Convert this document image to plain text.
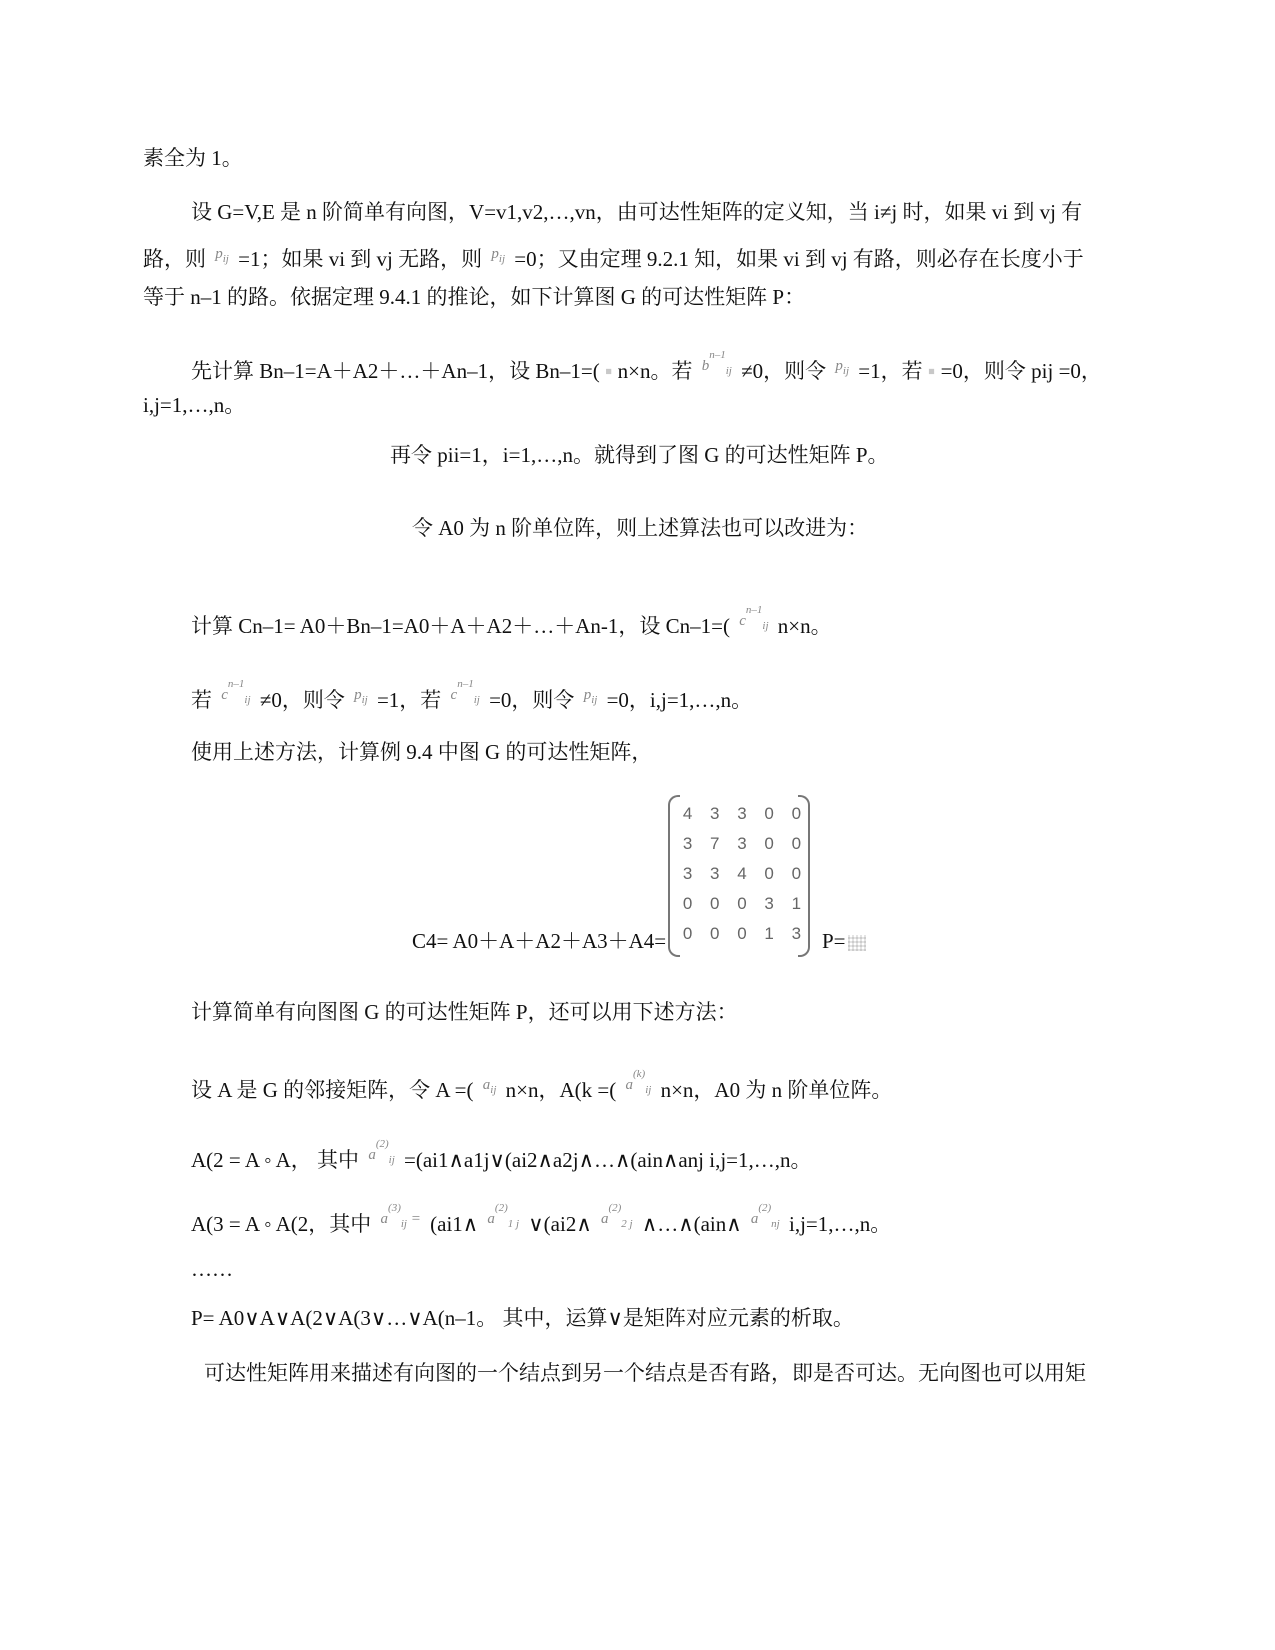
素全为 1。
设 G=V,E 是 n 阶简单有向图，V=v1,v2,…,vn，由可达性矩阵的定义知，当 i≠j 时，如果 vi 到 vj 有
路，则 $p_{ij} =1$；如果 vi 到 vj 无路，则 $p_{ij} =0$；又由定理 9.2.1 知，如果 vi 到 vj 有路，则必存在长度小于
等于 n–1 的路。依据定理 9.4.1 的推论，如下计算图 G 的可达性矩阵 P：
先计算 Bn–1=A＋A2＋…＋An–1，设 Bn–1=( ▪ n×n。若 $b^{n-1}_{ij} \ne 0$，则令 $p_{ij} =1$，若 ▪ =0，则令 pij =0，
i,j=1,…,n。
再令 pii=1，i=1,…,n。就得到了图 G 的可达性矩阵 P。
令 A0 为 n 阶单位阵，则上述算法也可以改进为：
计算 Cn–1= A0＋Bn–1=A0＋A＋A2＋…＋An-1，设 Cn–1=( $c^{n-1}_{ij}$ n×n。
若 $c^{n-1}_{ij} \ne 0$，则令 $p_{ij} =1$，若 $c^{n-1}_{ij} =0$，则令 $p_{ij} =0$，i,j=1,…,n。
使用上述方法，计算例 9.4 中图 G 的可达性矩阵，
4	3	3	0	0
3	7	3	0	0
3	3	4	0	0
0	0	0	3	1
0	0	0	1	3
C4= A0＋A＋A2＋A3＋A4=	P=
计算简单有向图图 G 的可达性矩阵 P，还可以用下述方法：
设 A 是 G 的邻接矩阵，令 A =( $a_{ij}$ n×n，A(k =( $a^{(k)}_{ij}$ n×n，A0 为 n 阶单位阵。
A(2 = A ◦ A， 其中 $a^{(2)}_{ij}$ =(ai1∧a1j∨(ai2∧a2j∧…∧(ain∧anj i,j=1,…,n。
A(3 = A ◦ A(2，其中 $a^{(3)}_{ij}$ = (ai1∧ $a^{(2)}_{1 j}$ ∨(ai2∧ $a^{(2)}_{2 j}$ ∧…∧(ain∧ $a^{(2)}_{nj}$ i,j=1,…,n。
……
P= A0∨A∨A(2∨A(3∨…∨A(n–1。 其中，运算∨是矩阵对应元素的析取。
可达性矩阵用来描述有向图的一个结点到另一个结点是否有路，即是否可达。无向图也可以用矩
